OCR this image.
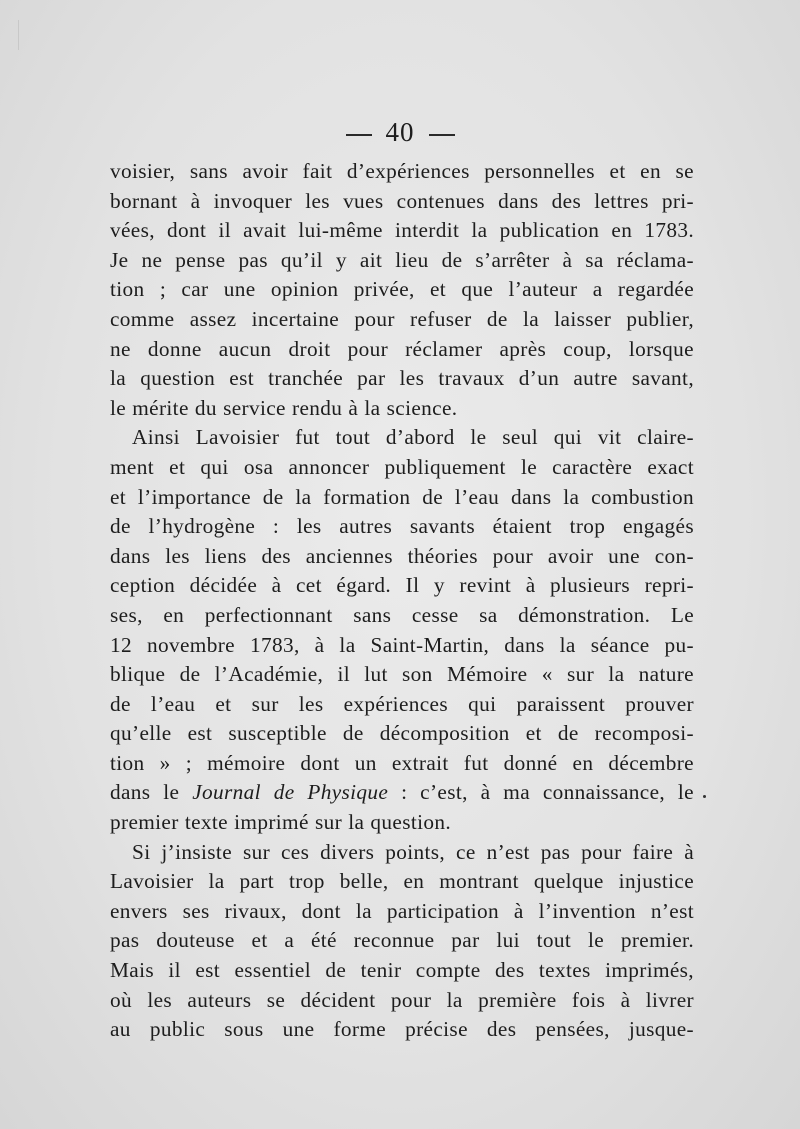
40
voisier, sans avoir fait d’expériences personnelles et en se
bornant à invoquer les vues contenues dans des lettres pri-
vées, dont il avait lui-même interdit la publication en 1783.
Je ne pense pas qu’il y ait lieu de s’arrêter à sa réclama-
tion ; car une opinion privée, et que l’auteur a regardée
comme assez incertaine pour refuser de la laisser publier,
ne donne aucun droit pour réclamer après coup, lorsque
la question est tranchée par les travaux d’un autre savant,
le mérite du service rendu à la science.
Ainsi Lavoisier fut tout d’abord le seul qui vit claire-
ment et qui osa annoncer publiquement le caractère exact
et l’importance de la formation de l’eau dans la combustion
de l’hydrogène : les autres savants étaient trop engagés
dans les liens des anciennes théories pour avoir une con-
ception décidée à cet égard. Il y revint à plusieurs repri-
ses, en perfectionnant sans cesse sa démonstration. Le
12 novembre 1783, à la Saint-Martin, dans la séance pu-
blique de l’Académie, il lut son Mémoire « sur la nature
de l’eau et sur les expériences qui paraissent prouver
qu’elle est susceptible de décomposition et de recomposi-
tion » ; mémoire dont un extrait fut donné en décembre
dans le Journal de Physique : c’est, à ma connaissance, le
premier texte imprimé sur la question.
Si j’insiste sur ces divers points, ce n’est pas pour faire à
Lavoisier la part trop belle, en montrant quelque injustice
envers ses rivaux, dont la participation à l’invention n’est
pas douteuse et a été reconnue par lui tout le premier.
Mais il est essentiel de tenir compte des textes imprimés,
où les auteurs se décident pour la première fois à livrer
au public sous une forme précise des pensées, jusque-
